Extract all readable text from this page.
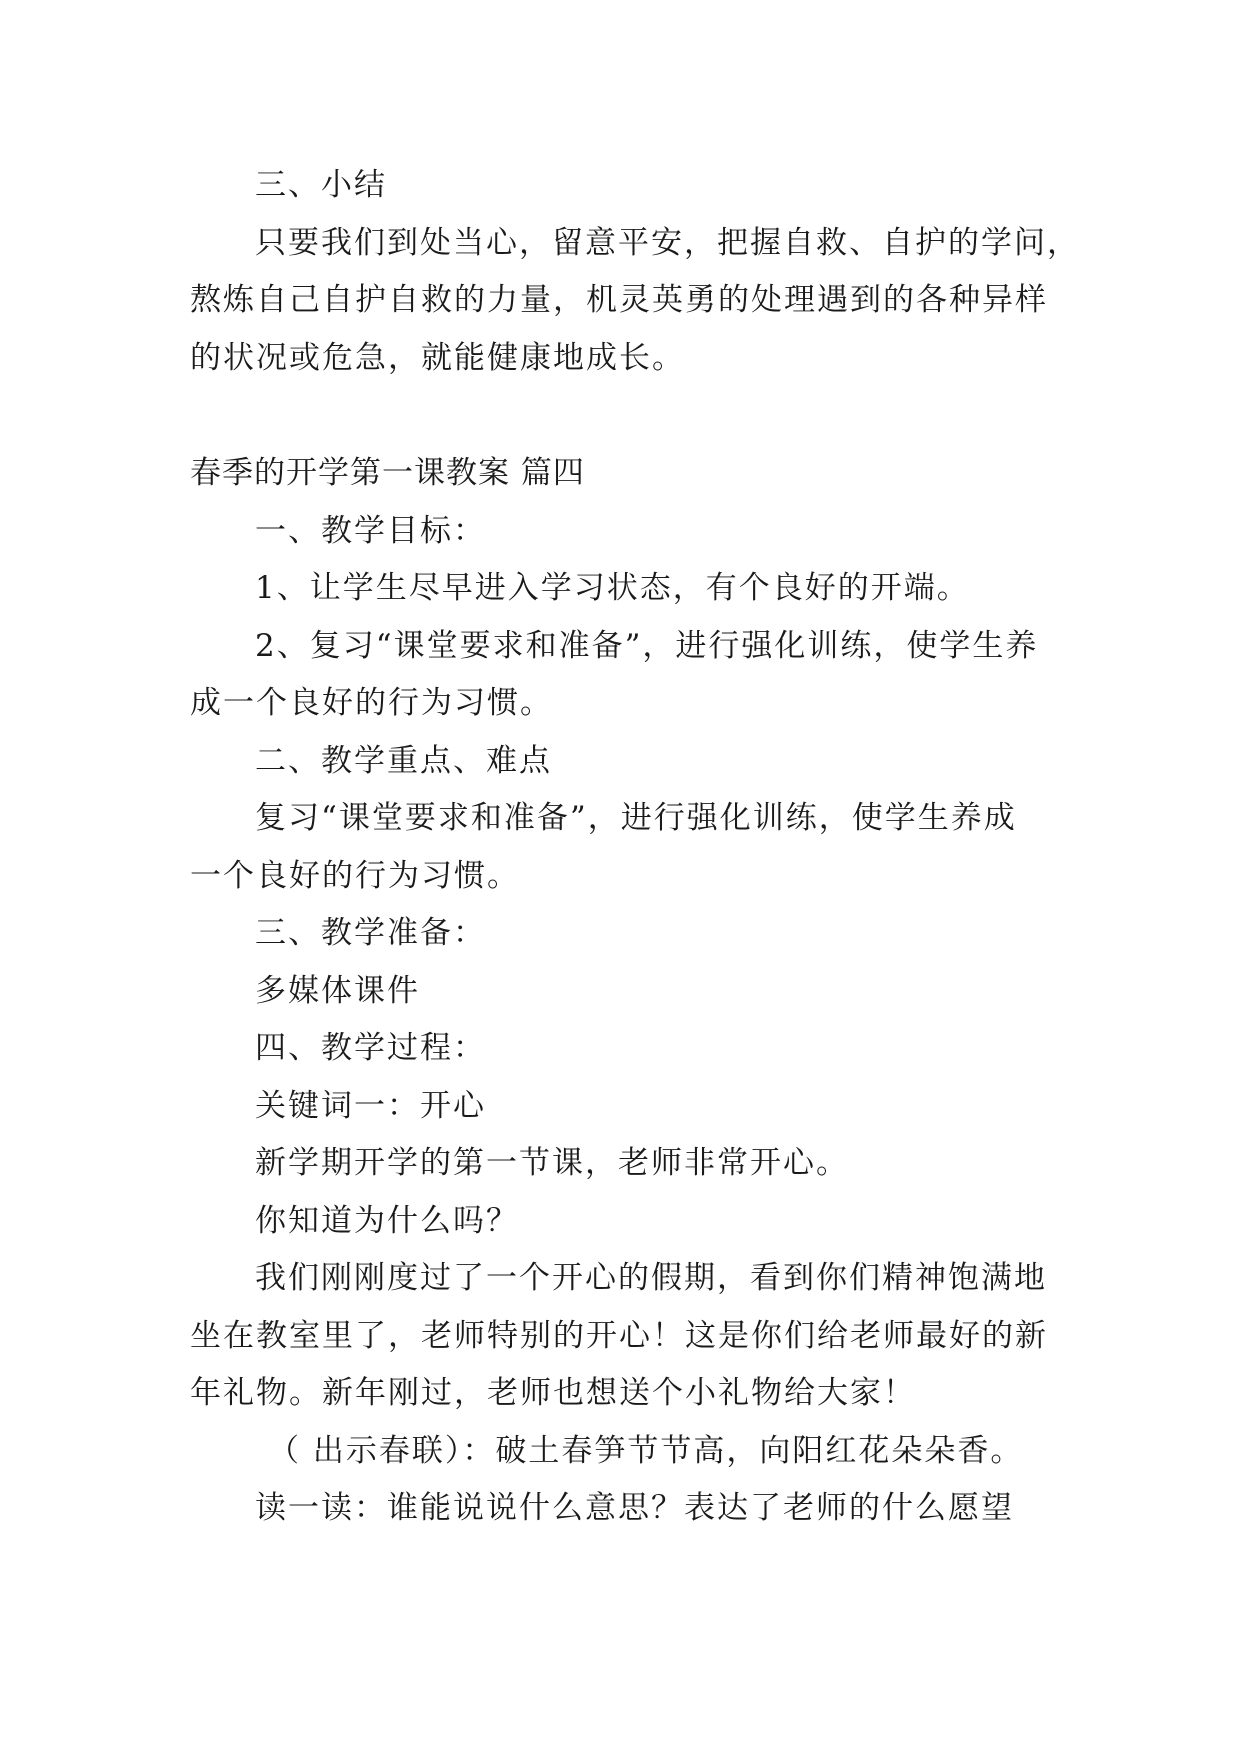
三、小结
只要我们到处当心，留意平安，把握自救、自护的学问，
熬炼自己自护自救的力量，机灵英勇的处理遇到的各种异样
的状况或危急，就能健康地成长。
春季的开学第一课教案 篇四
一、教学目标：
1、让学生尽早进入学习状态，有个良好的开端。
2、复习“课堂要求和准备”，进行强化训练，使学生养
成一个良好的行为习惯。
二、教学重点、难点
复习“课堂要求和准备”，进行强化训练，使学生养成
一个良好的行为习惯。
三、教学准备：
多媒体课件
四、教学过程：
关键词一：开心
新学期开学的第一节课，老师非常开心。
你知道为什么吗？
我们刚刚度过了一个开心的假期，看到你们精神饱满地
坐在教室里了，老师特别的开心！这是你们给老师最好的新
年礼物。新年刚过，老师也想送个小礼物给大家！
（ 出示春联）：破土春笋节节高，向阳红花朵朵香。
读一读：谁能说说什么意思？表达了老师的什么愿望
